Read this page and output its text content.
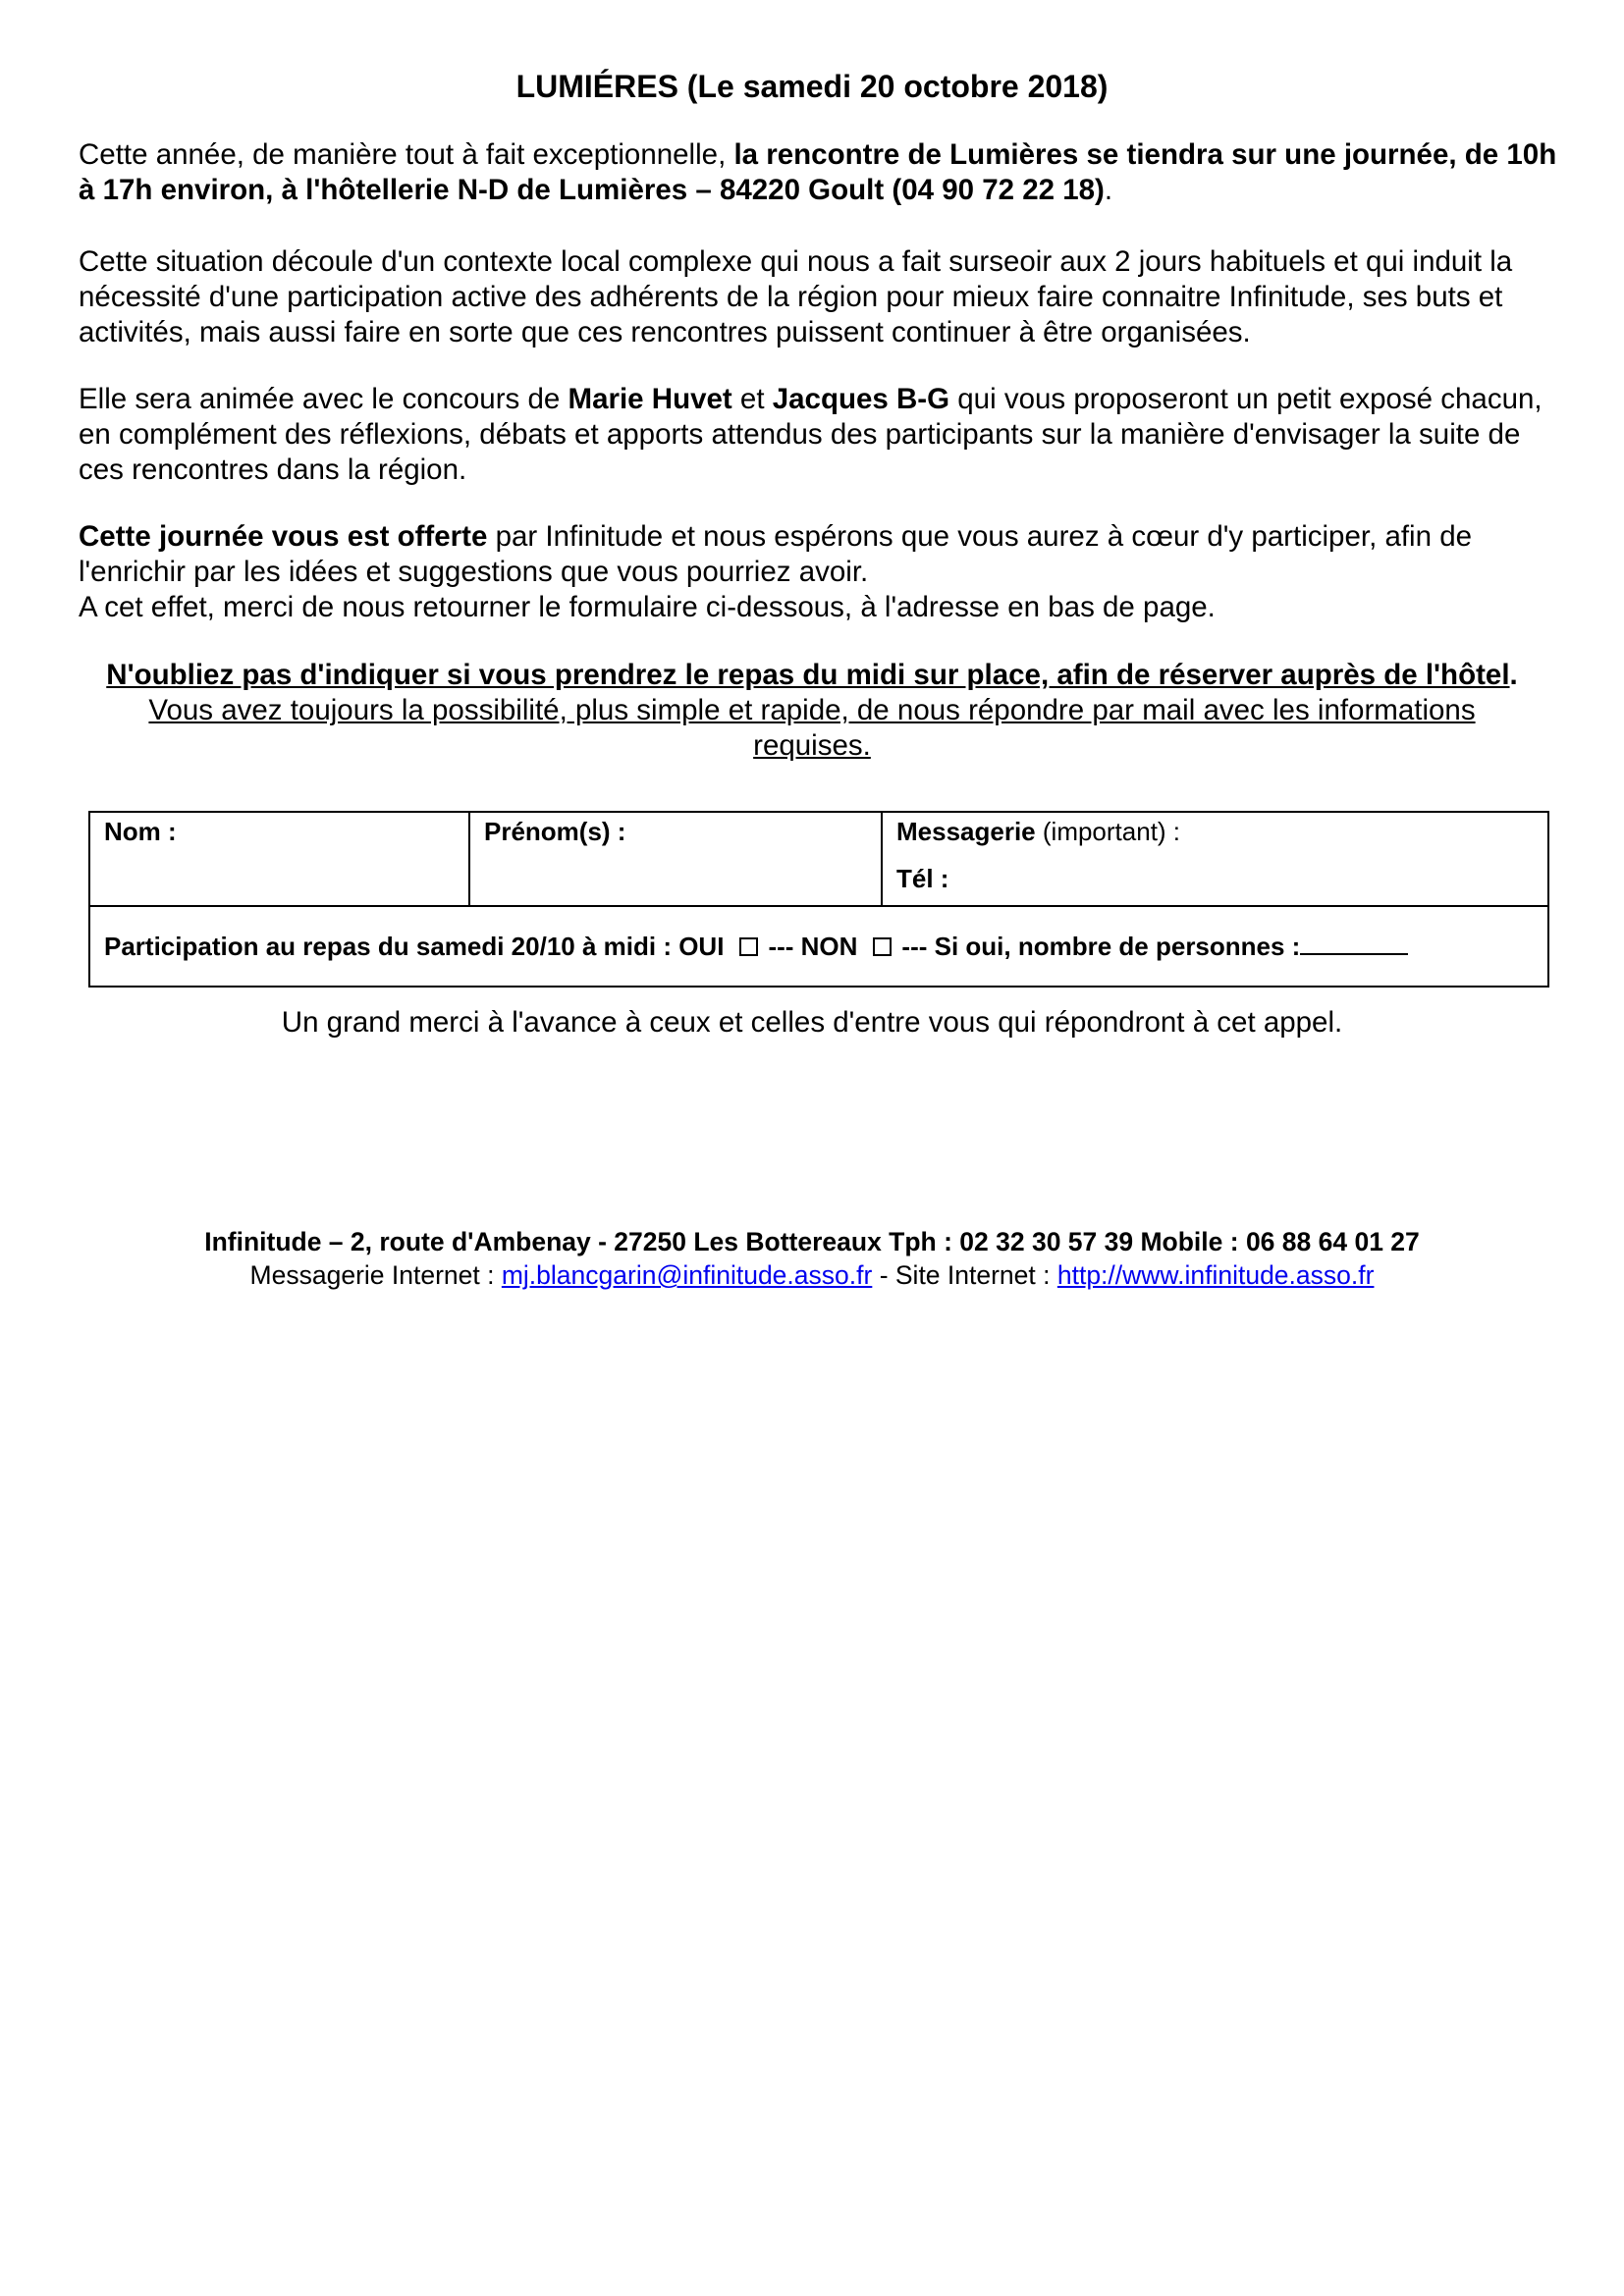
LUMIÉRES (Le samedi 20 octobre 2018)
Cette année, de manière tout à fait exceptionnelle, la rencontre de Lumières se tiendra sur une journée, de 10h à 17h environ, à l'hôtellerie N-D de Lumières – 84220 Goult (04 90 72 22 18).
Cette situation découle d'un contexte local complexe qui nous a fait surseoir aux 2 jours habituels et qui induit la nécessité d'une participation active des adhérents de la région pour mieux faire connaitre Infinitude, ses buts et activités, mais aussi faire en sorte que ces rencontres puissent continuer à être organisées.
Elle sera animée avec le concours de Marie Huvet et Jacques B-G qui vous proposeront un petit exposé chacun, en complément des réflexions, débats et apports attendus des participants sur la manière d'envisager la suite de ces rencontres dans la région.
Cette journée vous est offerte par Infinitude et nous espérons que vous aurez à cœur d'y participer, afin de l'enrichir par les idées et suggestions que vous pourriez avoir.
A cet effet, merci de nous retourner le formulaire ci-dessous, à l'adresse en bas de page.
N'oubliez pas d'indiquer si vous prendrez le repas du midi sur place, afin de réserver auprès de l'hôtel.
Vous avez toujours la possibilité, plus simple et rapide, de nous répondre par mail avec les informations requises.
Nom :	Prénom(s) :	Messagerie (important) :
Tél :
Participation au repas du samedi 20/10 à midi : OUI --- NON --- Si oui, nombre de personnes :
Un grand merci à l'avance à ceux et celles d'entre vous qui répondront à cet appel.
Infinitude – 2, route d'Ambenay - 27250 Les Bottereaux Tph : 02 32 30 57 39 Mobile : 06 88 64 01 27
Messagerie Internet : mj.blancgarin@infinitude.asso.fr - Site Internet : http://www.infinitude.asso.fr
